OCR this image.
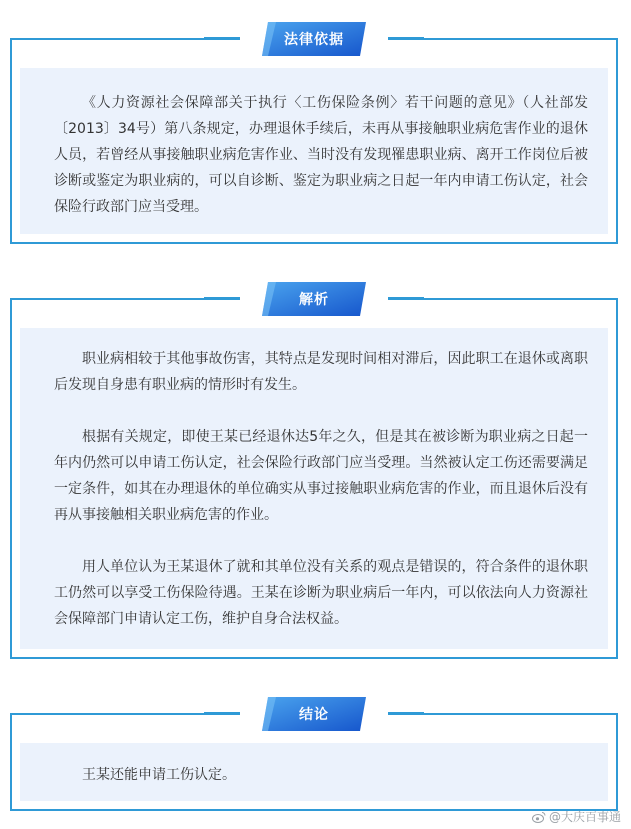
法律依据

《人力资源社会保障部关于执行〈工伤保险条例〉若干问题的意见》（人社部发〔2013〕34号）第八条规定，办理退休手续后，未再从事接触职业病危害作业的退休人员，若曾经从事接触职业病危害作业、当时没有发现罹患职业病、离开工作岗位后被诊断或鉴定为职业病的，可以自诊断、鉴定为职业病之日起一年内申请工伤认定，社会保险行政部门应当受理。

解析

职业病相较于其他事故伤害，其特点是发现时间相对滞后，因此职工在退休或离职后发现自身患有职业病的情形时有发生。

根据有关规定，即使王某已经退休达5年之久，但是其在被诊断为职业病之日起一年内仍然可以申请工伤认定，社会保险行政部门应当受理。当然被认定工伤还需要满足一定条件，如其在办理退休的单位确实从事过接触职业病危害的作业，而且退休后没有再从事接触相关职业病危害的作业。

用人单位认为王某退休了就和其单位没有关系的观点是错误的，符合条件的退休职工仍然可以享受工伤保险待遇。王某在诊断为职业病后一年内，可以依法向人力资源社会保障部门申请认定工伤，维护自身合法权益。

结论

王某还能申请工伤认定。

@大庆百事通
